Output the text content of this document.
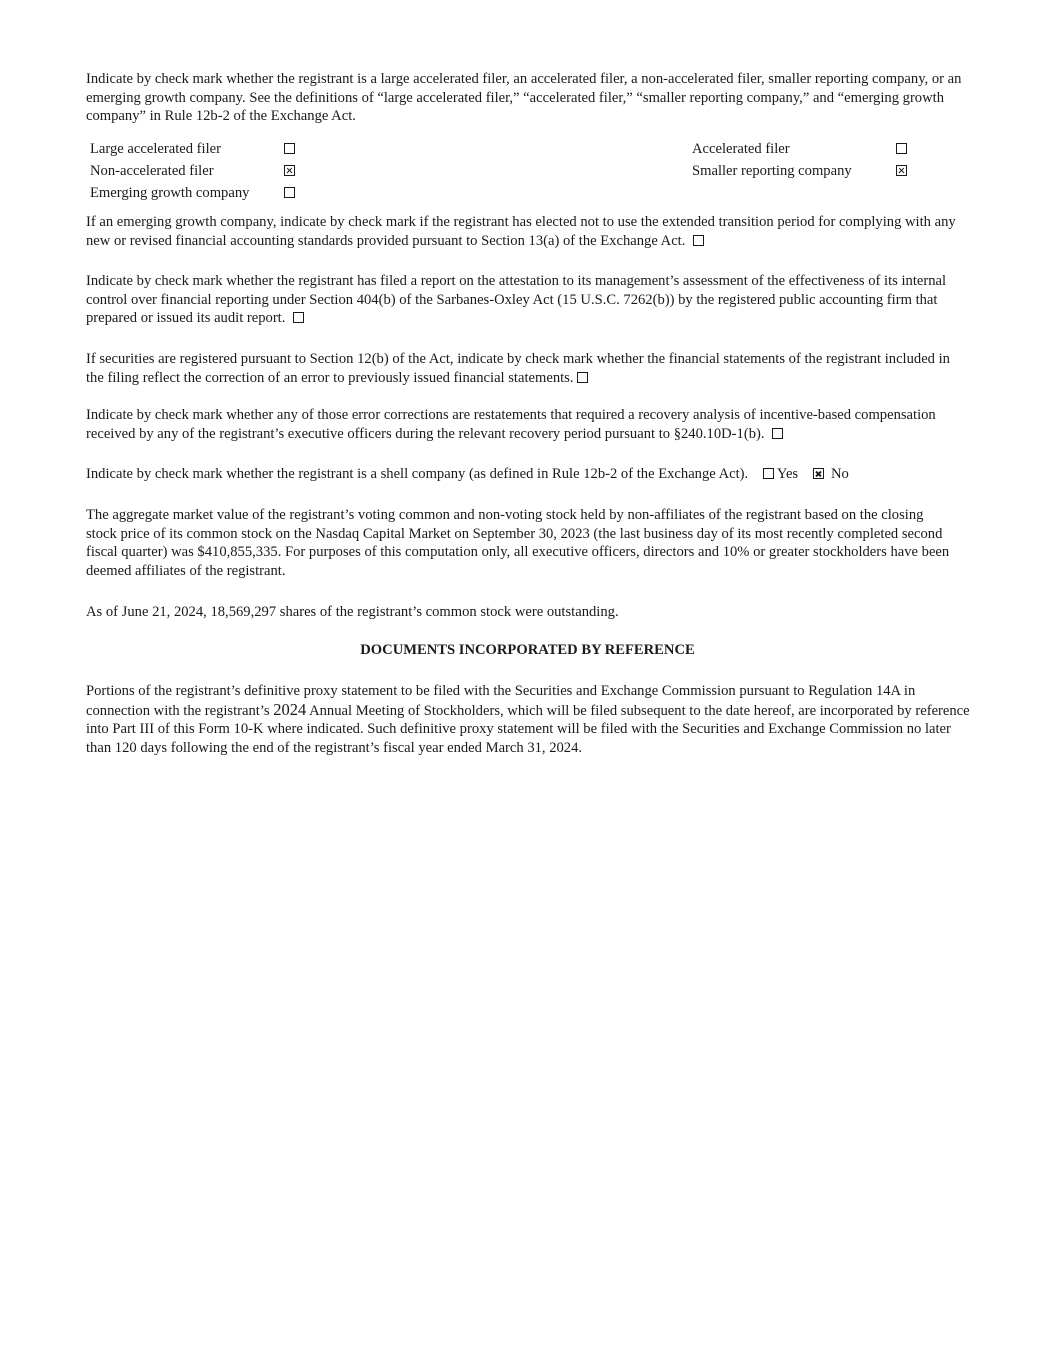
Indicate by check mark whether the registrant is a large accelerated filer, an accelerated filer, a non-accelerated filer, smaller reporting company, or an emerging growth company. See the definitions of “large accelerated filer,” “accelerated filer,” “smaller reporting company,” and “emerging growth company” in Rule 12b-2 of the Exchange Act.

Large accelerated filer		Accelerated filer	
Non-accelerated filer		Smaller reporting company	
Emerging growth company			

If an emerging growth company, indicate by check mark if the registrant has elected not to use the extended transition period for complying with any new or revised financial accounting standards provided pursuant to Section 13(a) of the Exchange Act.

Indicate by check mark whether the registrant has filed a report on the attestation to its management’s assessment of the effectiveness of its internal control over financial reporting under Section 404(b) of the Sarbanes-Oxley Act (15 U.S.C. 7262(b)) by the registered public accounting firm that prepared or issued its audit report.

If securities are registered pursuant to Section 12(b) of the Act, indicate by check mark whether the financial statements of the registrant included in the filing reflect the correction of an error to previously issued financial statements.

Indicate by check mark whether any of those error corrections are restatements that required a recovery analysis of incentive-based compensation received by any of the registrant’s executive officers during the relevant recovery period pursuant to §240.10D-1(b).

Indicate by check mark whether the registrant is a shell company (as defined in Rule 12b-2 of the Exchange Act). Yes No

The aggregate market value of the registrant’s voting common and non-voting stock held by non-affiliates of the registrant based on the closing stock price of its common stock on the Nasdaq Capital Market on September 30, 2023 (the last business day of its most recently completed second fiscal quarter) was $410,855,335. For purposes of this computation only, all executive officers, directors and 10% or greater stockholders have been deemed affiliates of the registrant.

As of June 21, 2024, 18,569,297 shares of the registrant’s common stock were outstanding.

DOCUMENTS INCORPORATED BY REFERENCE

Portions of the registrant’s definitive proxy statement to be filed with the Securities and Exchange Commission pursuant to Regulation 14A in connection with the registrant’s 2024 Annual Meeting of Stockholders, which will be filed subsequent to the date hereof, are incorporated by reference into Part III of this Form 10-K where indicated. Such definitive proxy statement will be filed with the Securities and Exchange Commission no later than 120 days following the end of the registrant’s fiscal year ended March 31, 2024.
